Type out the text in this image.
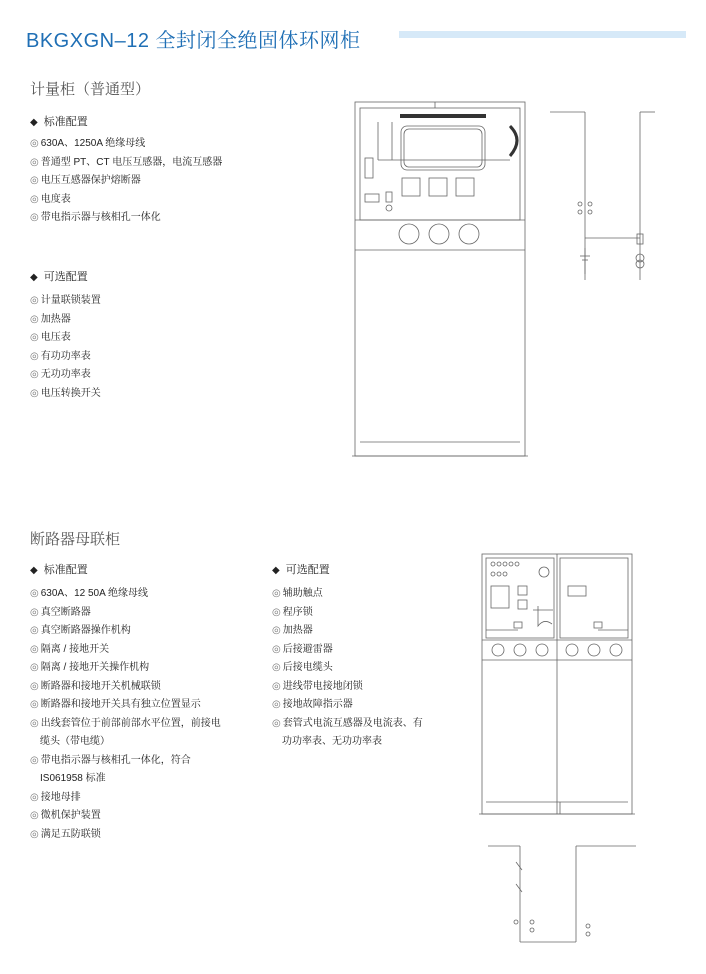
BKGXGN–12 全封闭全绝固体环网柜
计量柜（普通型）
◆ 标准配置
◎ 630A、1250A 绝缘母线
◎ 普通型 PT、CT 电压互感器，电流互感器
◎ 电压互感器保护熔断器
◎ 电度表
◎ 带电指示器与核相孔一体化
◆ 可选配置
◎ 计量联锁装置
◎ 加热器
◎ 电压表
◎ 有功功率表
◎ 无功功率表
◎ 电压转换开关
断路器母联柜
◆ 标准配置
◎ 630A、12 50A 绝缘母线
◎ 真空断路器
◎ 真空断路器操作机构
◎ 隔离 / 接地开关
◎ 隔离 / 接地开关操作机构
◎ 断路器和接地开关机械联锁
◎ 断路器和接地开关具有独立位置显示
◎ 出线套管位于前部前部水平位置，前接电
缆头（带电缆）
◎ 带电指示器与核相孔一体化，符合
IS061958 标准
◎ 接地母排
◎ 微机保护装置
◎ 满足五防联锁
◆ 可选配置
◎ 辅助触点
◎ 程序锁
◎ 加热器
◎ 后接避雷器
◎ 后接电缆头
◎ 进线带电接地闭锁
◎ 接地故障指示器
◎ 套管式电流互感器及电流表、有
功功率表、无功功率表
